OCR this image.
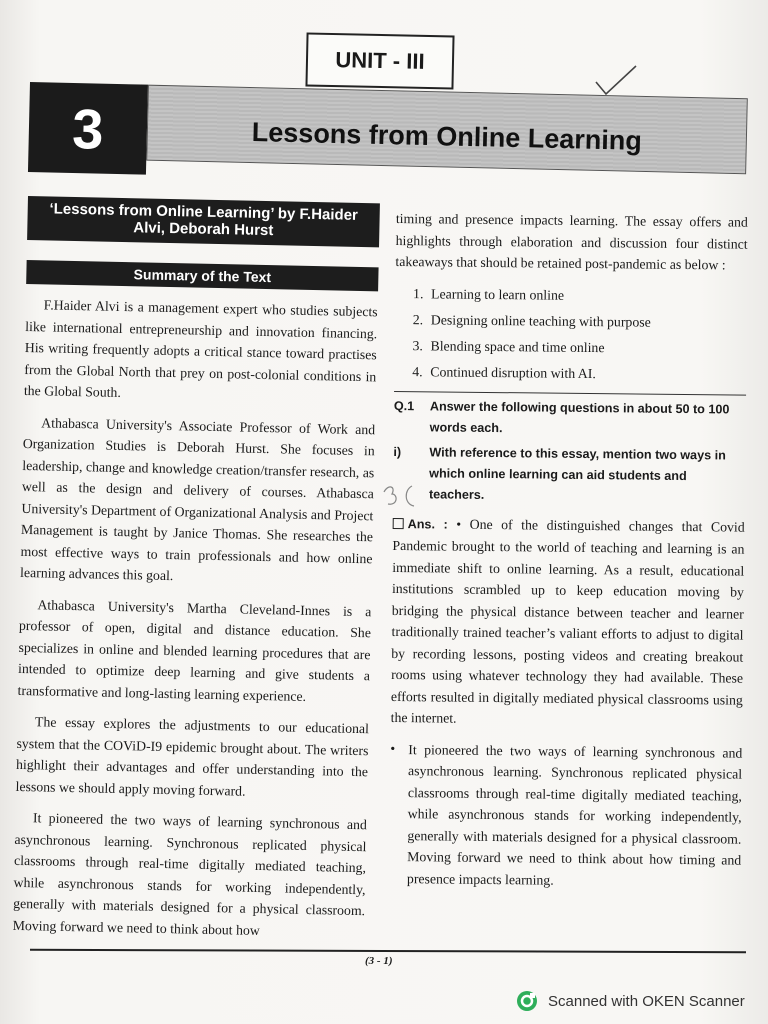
UNIT - III
3	Lessons from Online Learning
‘Lessons from Online Learning’ by F.Haider Alvi, Deborah Hurst
Summary of the Text

F.Haider Alvi is a management expert who studies subjects like international entrepreneurship and innovation financing. His writing frequently adopts a critical stance toward practises from the Global North that prey on post-colonial conditions in the Global South.

Athabasca University's Associate Professor of Work and Organization Studies is Deborah Hurst. She focuses in leadership, change and knowledge creation/transfer research, as well as the design and delivery of courses. Athabasca University's Department of Organizational Analysis and Project Management is taught by Janice Thomas. She researches the most effective ways to train professionals and how online learning advances this goal.

Athabasca University's Martha Cleveland-Innes is a professor of open, digital and distance education. She specializes in online and blended learning procedures that are intended to optimize deep learning and give students a transformative and long-lasting learning experience.

The essay explores the adjustments to our educational system that the COViD-I9 epidemic brought about. The writers highlight their advantages and offer understanding into the lessons we should apply moving forward.

It pioneered the two ways of learning synchronous and asynchronous learning. Synchronous replicated physical classrooms through real-time digitally mediated teaching, while asynchronous stands for working independently, generally with materials designed for a physical classroom. Moving forward we need to think about how

timing and presence impacts learning. The essay offers and highlights through elaboration and discussion four distinct takeaways that should be retained post-pandemic as below :

1. Learning to learn online
2. Designing online teaching with purpose
3. Blending space and time online
4. Continued disruption with AI.
Q.1	Answer the following questions in about 50 to 100 words each.
i)	With reference to this essay, mention two ways in which online learning can aid students and teachers.
Ans. : • One of the distinguished changes that Covid Pandemic brought to the world of teaching and learning is an immediate shift to online learning. As a result, educational institutions scrambled up to keep education moving by bridging the physical distance between teacher and learner traditionally trained teacher’s valiant efforts to adjust to digital by recording lessons, posting videos and creating breakout rooms using whatever technology they had available. These efforts resulted in digitally mediated physical classrooms using the internet.
• It pioneered the two ways of learning synchronous and asynchronous learning. Synchronous replicated physical classrooms through real-time digitally mediated teaching, while asynchronous stands for working independently, generally with materials designed for a physical classroom. Moving forward we need to think about how timing and presence impacts learning.
(3 - 1)
Scanned with OKEN Scanner
